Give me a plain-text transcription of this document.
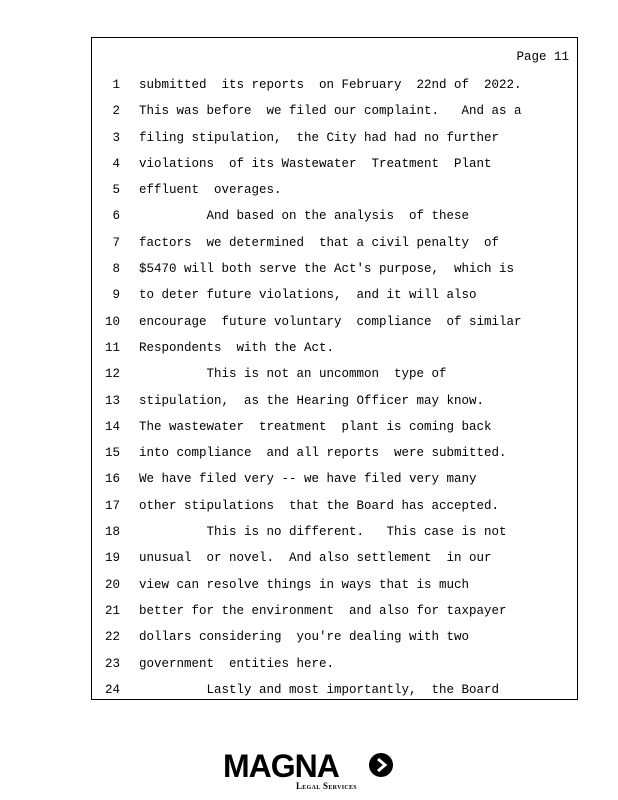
Page 11
1 submitted  its reports  on February  22nd of  2022.
2 This was before  we filed our complaint.   And as a
3 filing stipulation,  the City had had no further
4 violations  of its Wastewater  Treatment  Plant
5 effluent  overages.
6 And based on the analysis  of these
7 factors  we determined  that a civil penalty  of
8 $5470 will both serve the Act's purpose,  which is
9 to deter future violations,  and it will also
10 encourage  future voluntary  compliance  of similar
11 Respondents  with the Act.
12 This is not an uncommon  type of
13 stipulation,  as the Hearing Officer may know.
14 The wastewater  treatment  plant is coming back
15 into compliance  and all reports  were submitted.
16 We have filed very -- we have filed very many
17 other stipulations  that the Board has accepted.
18 This is no different.   This case is not
19 unusual  or novel.  And also settlement  in our
20 view can resolve things in ways that is much
21 better for the environment  and also for taxpayer
22 dollars considering  you're dealing with two
23 government  entities here.
24 Lastly and most importantly,  the Board
MAGNA
Legal Services
